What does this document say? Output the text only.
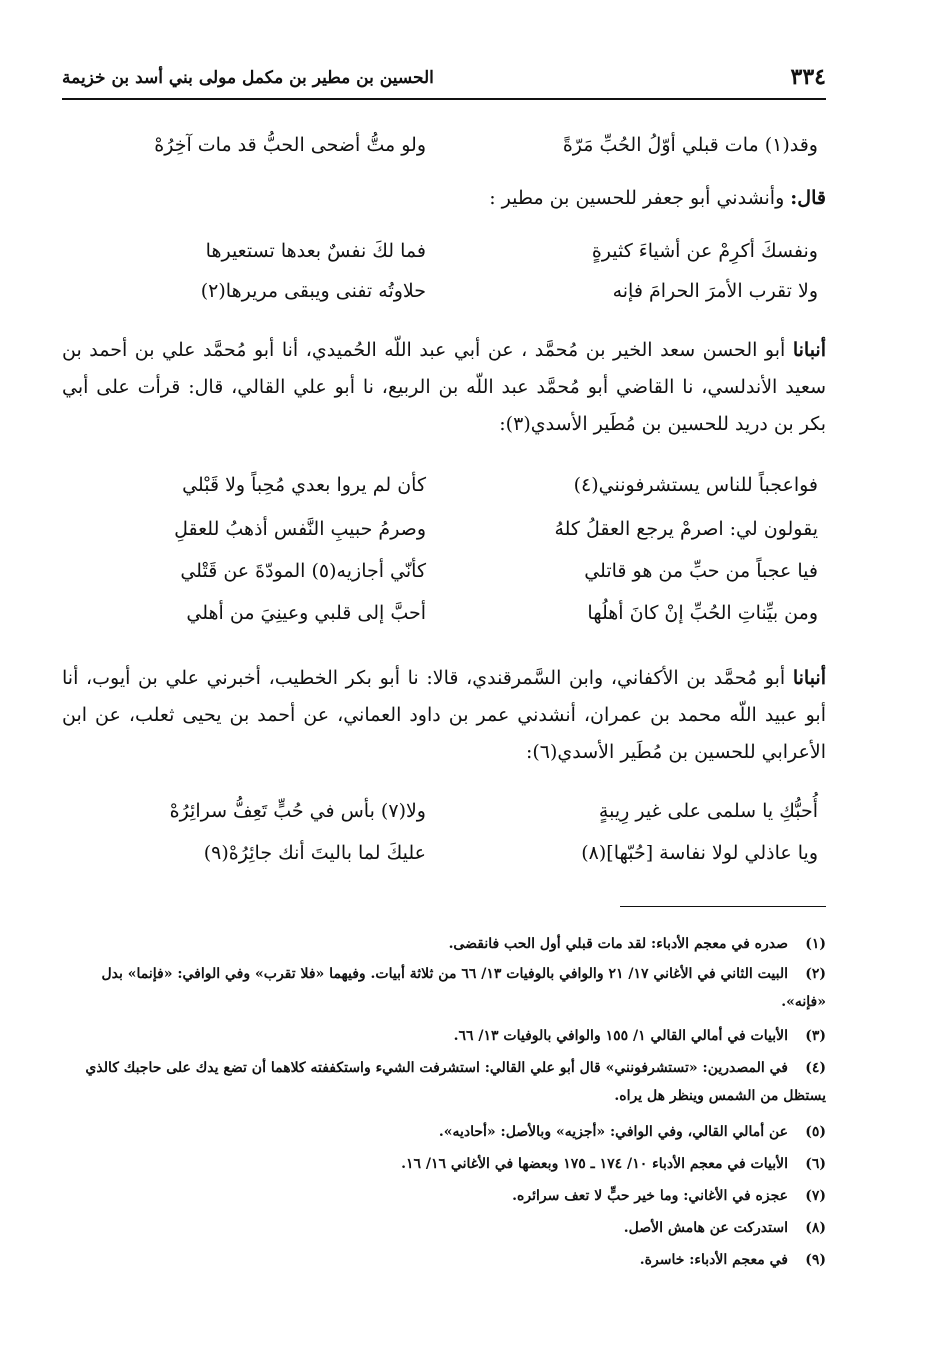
٣٣٤
الحسين بن مطير بن مكمل مولى بني أسد بن خزيمة
وقد(١) مات قبلي أوّلُ الحُبِّ مَرّةً
ولو متُّ أضحى الحبُّ قد مات آخِرُهْ
قال: وأنشدني أبو جعفر للحسين بن مطير :
ونفسكَ أكرِمْ عن أشياءَ كثيرةٍ
فما لكَ نفسٌ بعدها تستعيرها
ولا تقرب الأمرَ الحرامَ فإنه
حلاوتُه تفنى ويبقى مريرها(٢)
أنبانا أبو الحسن سعد الخير بن مُحمَّد ، عن أبي عبد اللّه الحُميدي، أنا أبو مُحمَّد علي بن أحمد بن سعيد الأندلسي، نا القاضي أبو مُحمَّد عبد اللّه بن الربيع، نا أبو علي القالي، قال: قرأت على أبي بكر بن دريد للحسين بن مُطَير الأسدي(٣):
فواعجباً للناس يستشرفونني(٤)
كأن لم يروا بعدي مُحِباً ولا قَبْلي
يقولون لي: اصرمْ يرجع العقلُ كلهُ
وصرمُ حبيبِ النَّفس أذهبُ للعقلِ
فيا عجباً من حبِّ من هو قاتلي
كأنّي أجازيه(٥) المودّةَ عن قَتْلي
ومن بيِّناتِ الحُبِّ إنْ كانَ أهلُها
أحبَّ إلى قلبي وعينِيَ من أهلي
أنبانا أبو مُحمَّد بن الأكفاني، وابن السَّمرقندي، قالا: نا أبو بكر الخطيب، أخبرني علي بن أيوب، أنا أبو عبيد اللّه محمد بن عمران، أنشدني عمر بن داود العماني، عن أحمد بن يحيى ثعلب، عن ابن الأعرابي للحسين بن مُطَير الأسدي(٦):
أُحبُّكِ يا سلمى على غير رِيبةٍ
ولا(٧) بأس في حُبٍّ تَعِفُّ سرائِرُهْ
ويا عاذلي لولا نفاسة [حُبّها](٨)
عليكَ لما باليتَ أنك جائِرُهْ(٩)
(١)صدره في معجم الأدباء: لقد مات قبلي أول الحب فانقضى.
(٢)البيت الثاني في الأغاني ١٧/ ٢١ والوافي بالوفيات ١٣/ ٦٦ من ثلاثة أبيات. وفيهما «فلا تقرب» وفي الوافي: «فإنما» بدل «فإنه».
(٣)الأبيات في أمالي القالي ١/ ١٥٥ والوافي بالوفيات ١٣/ ٦٦.
(٤)في المصدرين: «تستشرفونني» قال أبو علي القالي: استشرفت الشيء واستكففته كلاهما أن تضع يدك على حاجبك كالذي يستظل من الشمس وينظر هل يراه.
(٥)عن أمالي القالي، وفي الوافي: «أجزيه» وبالأصل: «أحاديه».
(٦)الأبيات في معجم الأدباء ١٠/ ١٧٤ ـ ١٧٥ وبعضها في الأغاني ١٦/ ١٦.
(٧)عجزه في الأغاني: وما خير حبٍّ لا تعف سرائره.
(٨)استدركت عن هامش الأصل.
(٩)في معجم الأدباء: خاسرة.
